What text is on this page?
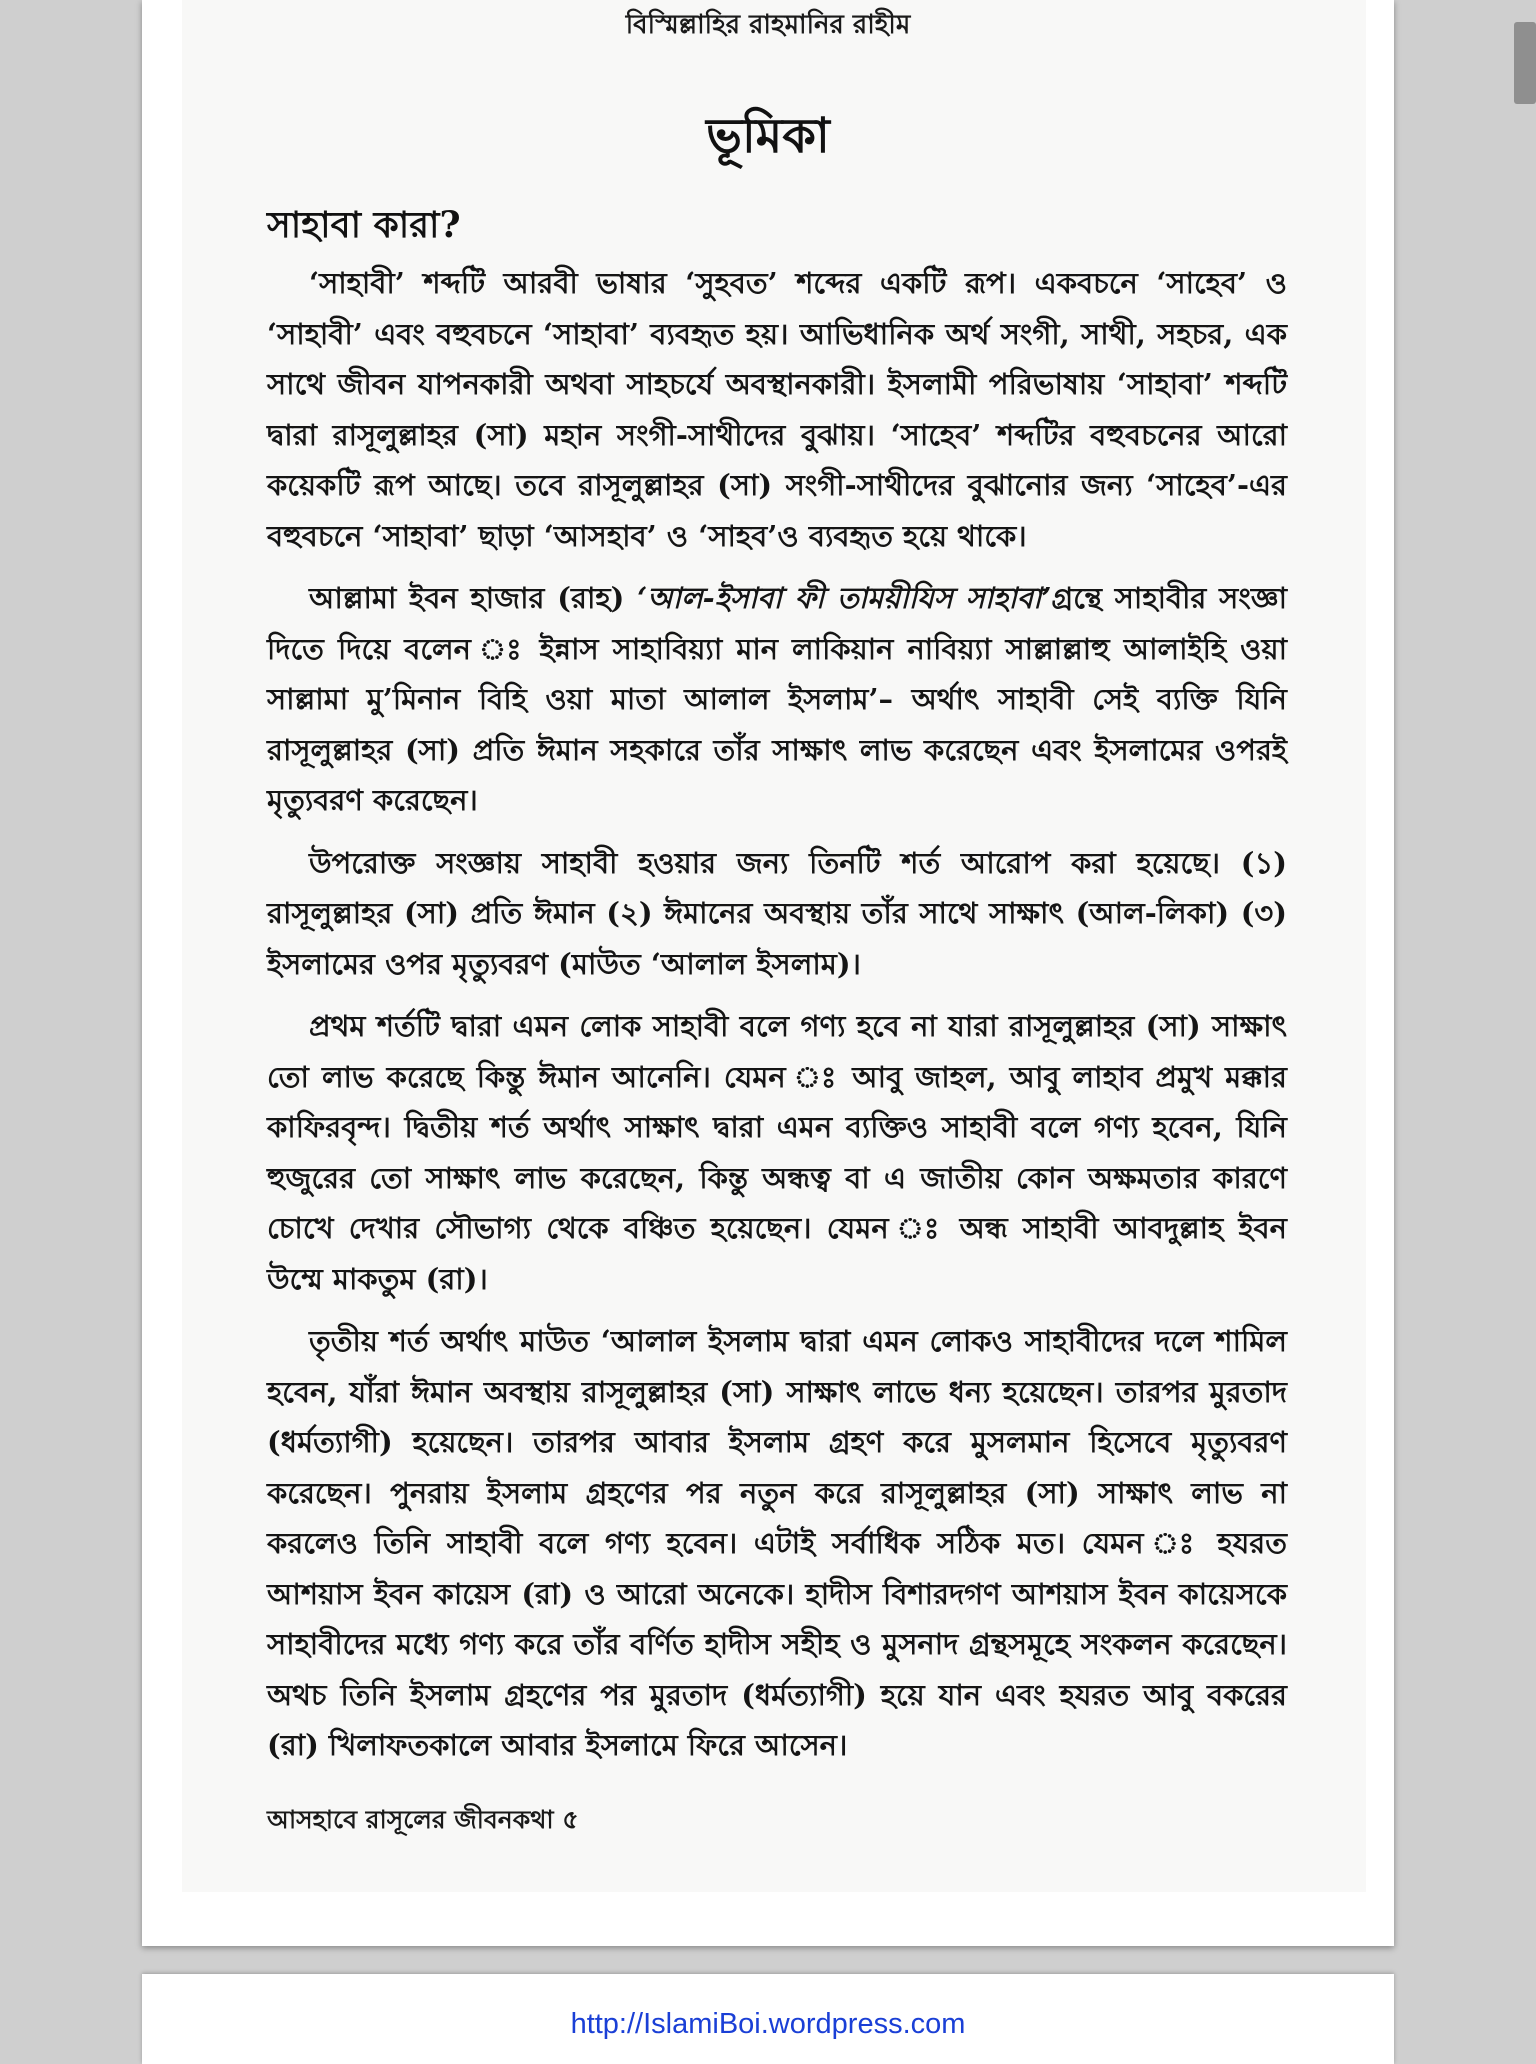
বিস্মিল্লাহির রাহমানির রাহীম
ভূমিকা
সাহাবা কারা?

‘সাহাবী’ শব্দটি আরবী ভাষার ‘সুহবত’ শব্দের একটি রূপ। একবচনে ‘সাহেব’ ও ‘সাহাবী’ এবং বহুবচনে ‘সাহাবা’ ব্যবহৃত হয়। আভিধানিক অর্থ সংগী, সাথী, সহচর, এক সাথে জীবন যাপনকারী অথবা সাহচর্যে অবস্থানকারী। ইসলামী পরিভাষায় ‘সাহাবা’ শব্দটি দ্বারা রাসূলুল্লাহর (সা) মহান সংগী-সাথীদের বুঝায়। ‘সাহেব’ শব্দটির বহুবচনের আরো কয়েকটি রূপ আছে। তবে রাসূলুল্লাহর (সা) সংগী-সাথীদের বুঝানোর জন্য ‘সাহেব’-এর বহুবচনে ‘সাহাবা’ ছাড়া ‘আসহাব’ ও ‘সাহব’ও ব্যবহৃত হয়ে থাকে।

আল্লামা ইবন হাজার (রাহ) ‘আল-ইসাবা ফী তাময়ীযিস সাহাবা’গ্রন্থে সাহাবীর সংজ্ঞা দিতে দিয়ে বলেন ঃ ইন্নাস সাহাবিয়্যা মান লাকিয়ান নাবিয়্যা সাল্লাল্লাহু আলাইহি ওয়া সাল্লামা মু’মিনান বিহি ওয়া মাতা আলাল ইসলাম’– অর্থাৎ সাহাবী সেই ব্যক্তি যিনি রাসূলুল্লাহর (সা) প্রতি ঈমান সহকারে তাঁর সাক্ষাৎ লাভ করেছেন এবং ইসলামের ওপরই মৃত্যুবরণ করেছেন।

উপরোক্ত সংজ্ঞায় সাহাবী হওয়ার জন্য তিনটি শর্ত আরোপ করা হয়েছে। (১) রাসূলুল্লাহর (সা) প্রতি ঈমান (২) ঈমানের অবস্থায় তাঁর সাথে সাক্ষাৎ (আল-লিকা) (৩) ইসলামের ওপর মৃত্যুবরণ (মাউত ‘আলাল ইসলাম)।

প্রথম শর্তটি দ্বারা এমন লোক সাহাবী বলে গণ্য হবে না যারা রাসূলুল্লাহর (সা) সাক্ষাৎ তো লাভ করেছে কিন্তু ঈমান আনেনি। যেমন ঃ আবু জাহল, আবু লাহাব প্রমুখ মক্কার কাফিরবৃন্দ। দ্বিতীয় শর্ত অর্থাৎ সাক্ষাৎ দ্বারা এমন ব্যক্তিও সাহাবী বলে গণ্য হবেন, যিনি হুজুরের তো সাক্ষাৎ লাভ করেছেন, কিন্তু অন্ধত্ব বা এ জাতীয় কোন অক্ষমতার কারণে চোখে দেখার সৌভাগ্য থেকে বঞ্চিত হয়েছেন। যেমন ঃ অন্ধ সাহাবী আবদুল্লাহ ইবন উম্মে মাকতুম (রা)।

তৃতীয় শর্ত অর্থাৎ মাউত ‘আলাল ইসলাম দ্বারা এমন লোকও সাহাবীদের দলে শামিল হবেন, যাঁরা ঈমান অবস্থায় রাসূলুল্লাহর (সা) সাক্ষাৎ লাভে ধন্য হয়েছেন। তারপর মুরতাদ (ধর্মত্যাগী) হয়েছেন। তারপর আবার ইসলাম গ্রহণ করে মুসলমান হিসেবে মৃত্যুবরণ করেছেন। পুনরায় ইসলাম গ্রহণের পর নতুন করে রাসূলুল্লাহর (সা) সাক্ষাৎ লাভ না করলেও তিনি সাহাবী বলে গণ্য হবেন। এটাই সর্বাধিক সঠিক মত। যেমন ঃ হযরত আশয়াস ইবন কায়েস (রা) ও আরো অনেকে। হাদীস বিশারদগণ আশয়াস ইবন কায়েসকে সাহাবীদের মধ্যে গণ্য করে তাঁর বর্ণিত হাদীস সহীহ ও মুসনাদ গ্রন্থসমূহে সংকলন করেছেন। অথচ তিনি ইসলাম গ্রহণের পর মুরতাদ (ধর্মত্যাগী) হয়ে যান এবং হযরত আবু বকরের (রা) খিলাফতকালে আবার ইসলামে ফিরে আসেন।

আসহাবে রাসূলের জীবনকথা ৫
http://IslamiBoi.wordpress.com
